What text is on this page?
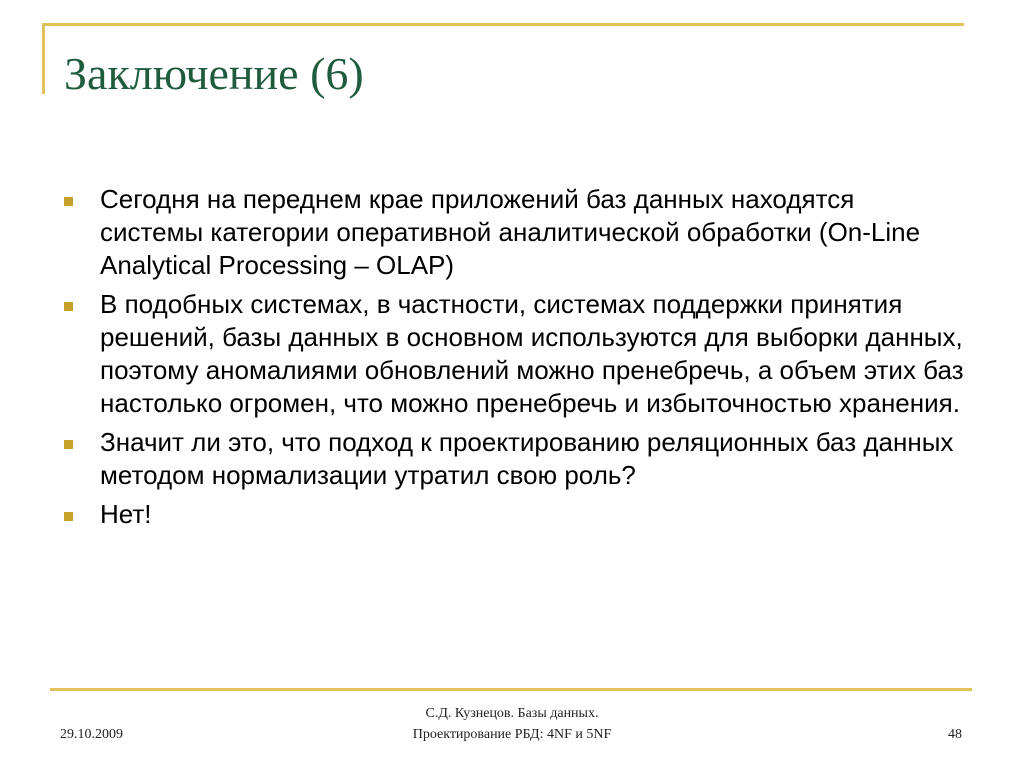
Заключение (6)
Сегодня на переднем крае приложений баз данных находятся системы категории оперативной аналитической обработки (On-Line Analytical Processing – OLAP)
В подобных системах, в частности, системах поддержки принятия решений, базы данных в основном используются для выборки данных, поэтому аномалиями обновлений можно пренебречь, а объем этих баз настолько огромен, что можно пренебречь и избыточностью хранения.
Значит ли это, что подход к проектированию реляционных баз данных методом нормализации утратил свою роль?
Нет!
29.10.2009
С.Д. Кузнецов. Базы данных.
Проектирование РБД: 4NF и 5NF	48
